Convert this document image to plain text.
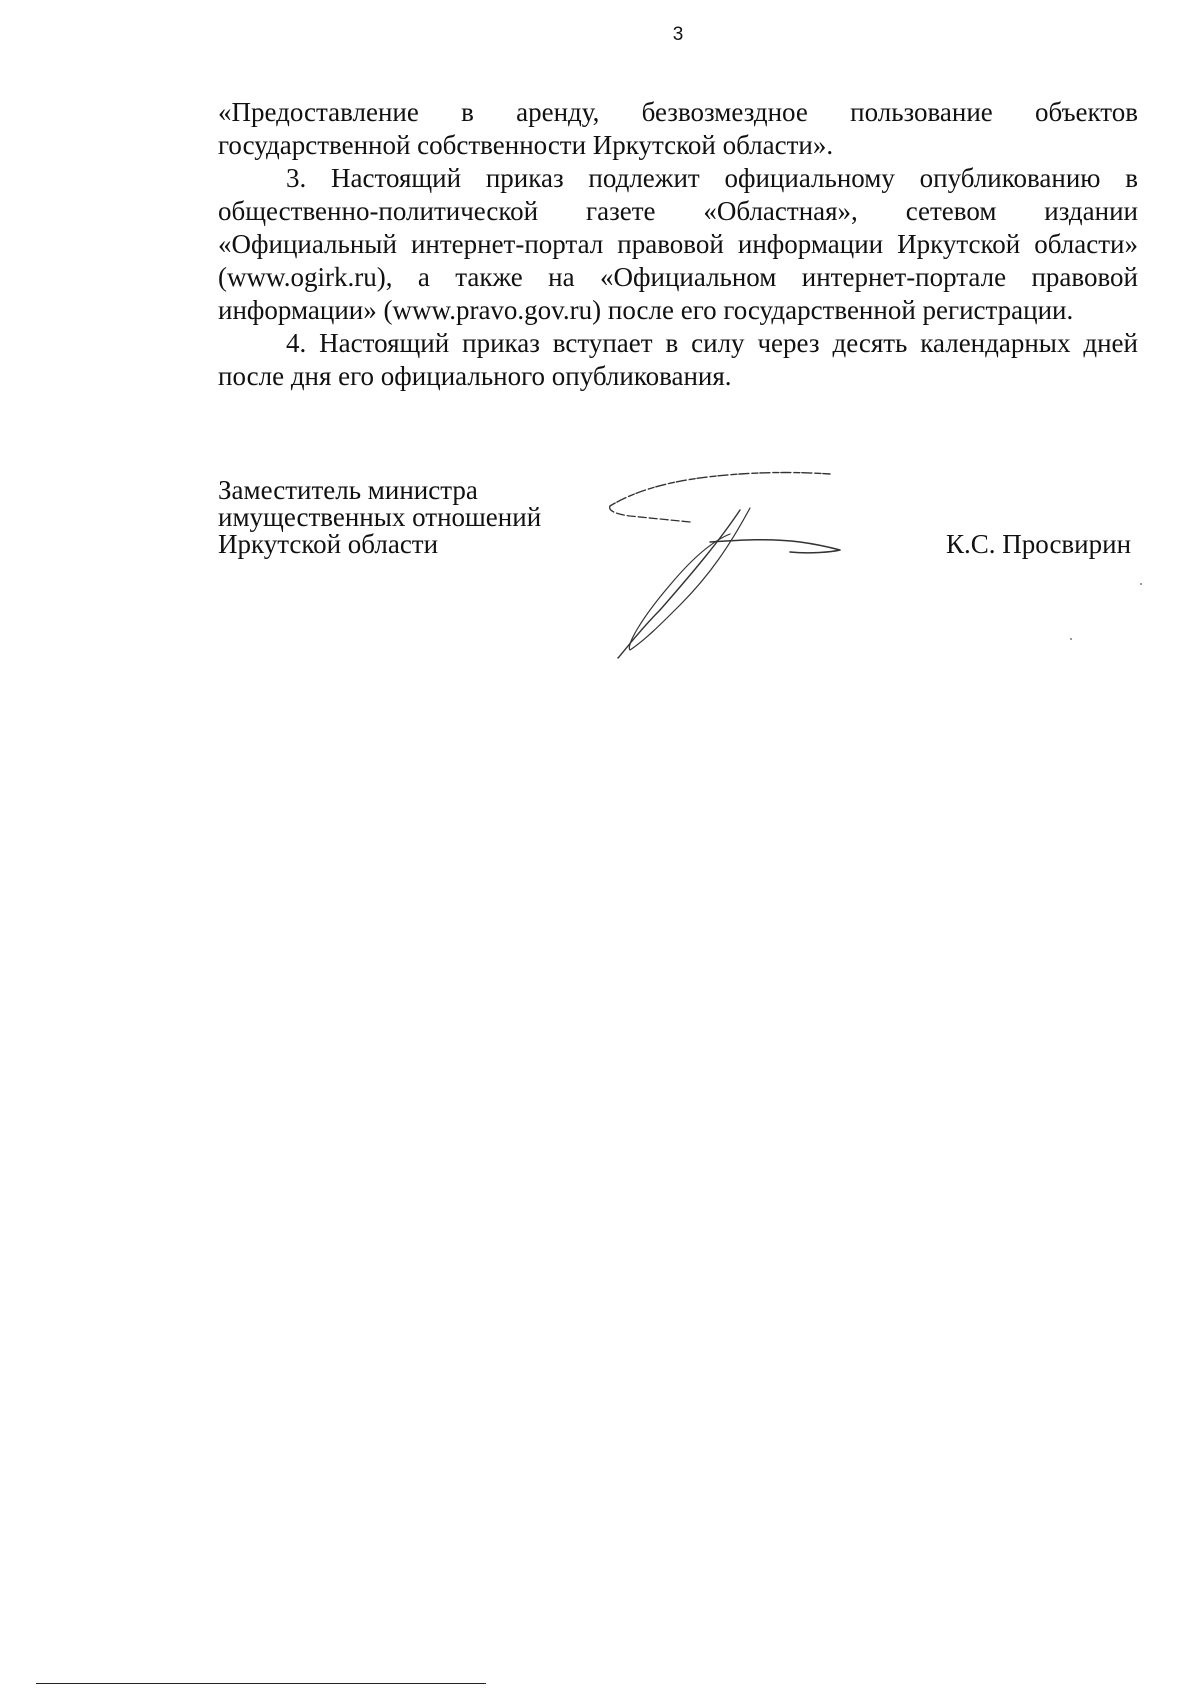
3

«Предоставление в аренду, безвозмездное пользование объектов государственной собственности Иркутской области».

3. Настоящий приказ подлежит официальному опубликованию в общественно-политической газете «Областная», сетевом издании «Официальный интернет-портал правовой информации Иркутской области» (www.ogirk.ru), а также на «Официальном интернет-портале правовой информации» (www.pravo.gov.ru) после его государственной регистрации.

4. Настоящий приказ вступает в силу через десять календарных дней после дня его официального опубликования.

Заместитель министра
имущественных отношений
Иркутской области	К.С. Просвирин
